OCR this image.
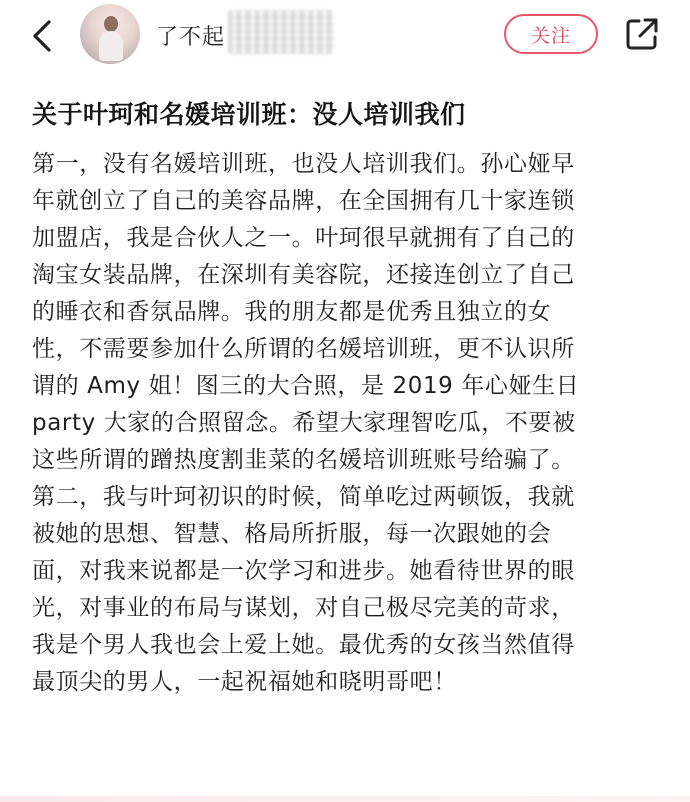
了不起	关注
关于叶珂和名媛培训班：没人培训我们
第一，没有名媛培训班，也没人培训我们。孙心娅早
年就创立了自己的美容品牌，在全国拥有几十家连锁
加盟店，我是合伙人之一。叶珂很早就拥有了自己的
淘宝女装品牌，在深圳有美容院，还接连创立了自己
的睡衣和香氛品牌。我的朋友都是优秀且独立的女
性，不需要参加什么所谓的名媛培训班，更不认识所
谓的 Amy 姐！图三的大合照，是 2019 年心娅生日
party 大家的合照留念。希望大家理智吃瓜，不要被
这些所谓的蹭热度割韭菜的名媛培训班账号给骗了。
第二，我与叶珂初识的时候，简单吃过两顿饭，我就
被她的思想、智慧、格局所折服，每一次跟她的会
面，对我来说都是一次学习和进步。她看待世界的眼
光，对事业的布局与谋划，对自己极尽完美的苛求，
我是个男人我也会上爱上她。最优秀的女孩当然值得
最顶尖的男人，一起祝福她和晓明哥吧！
